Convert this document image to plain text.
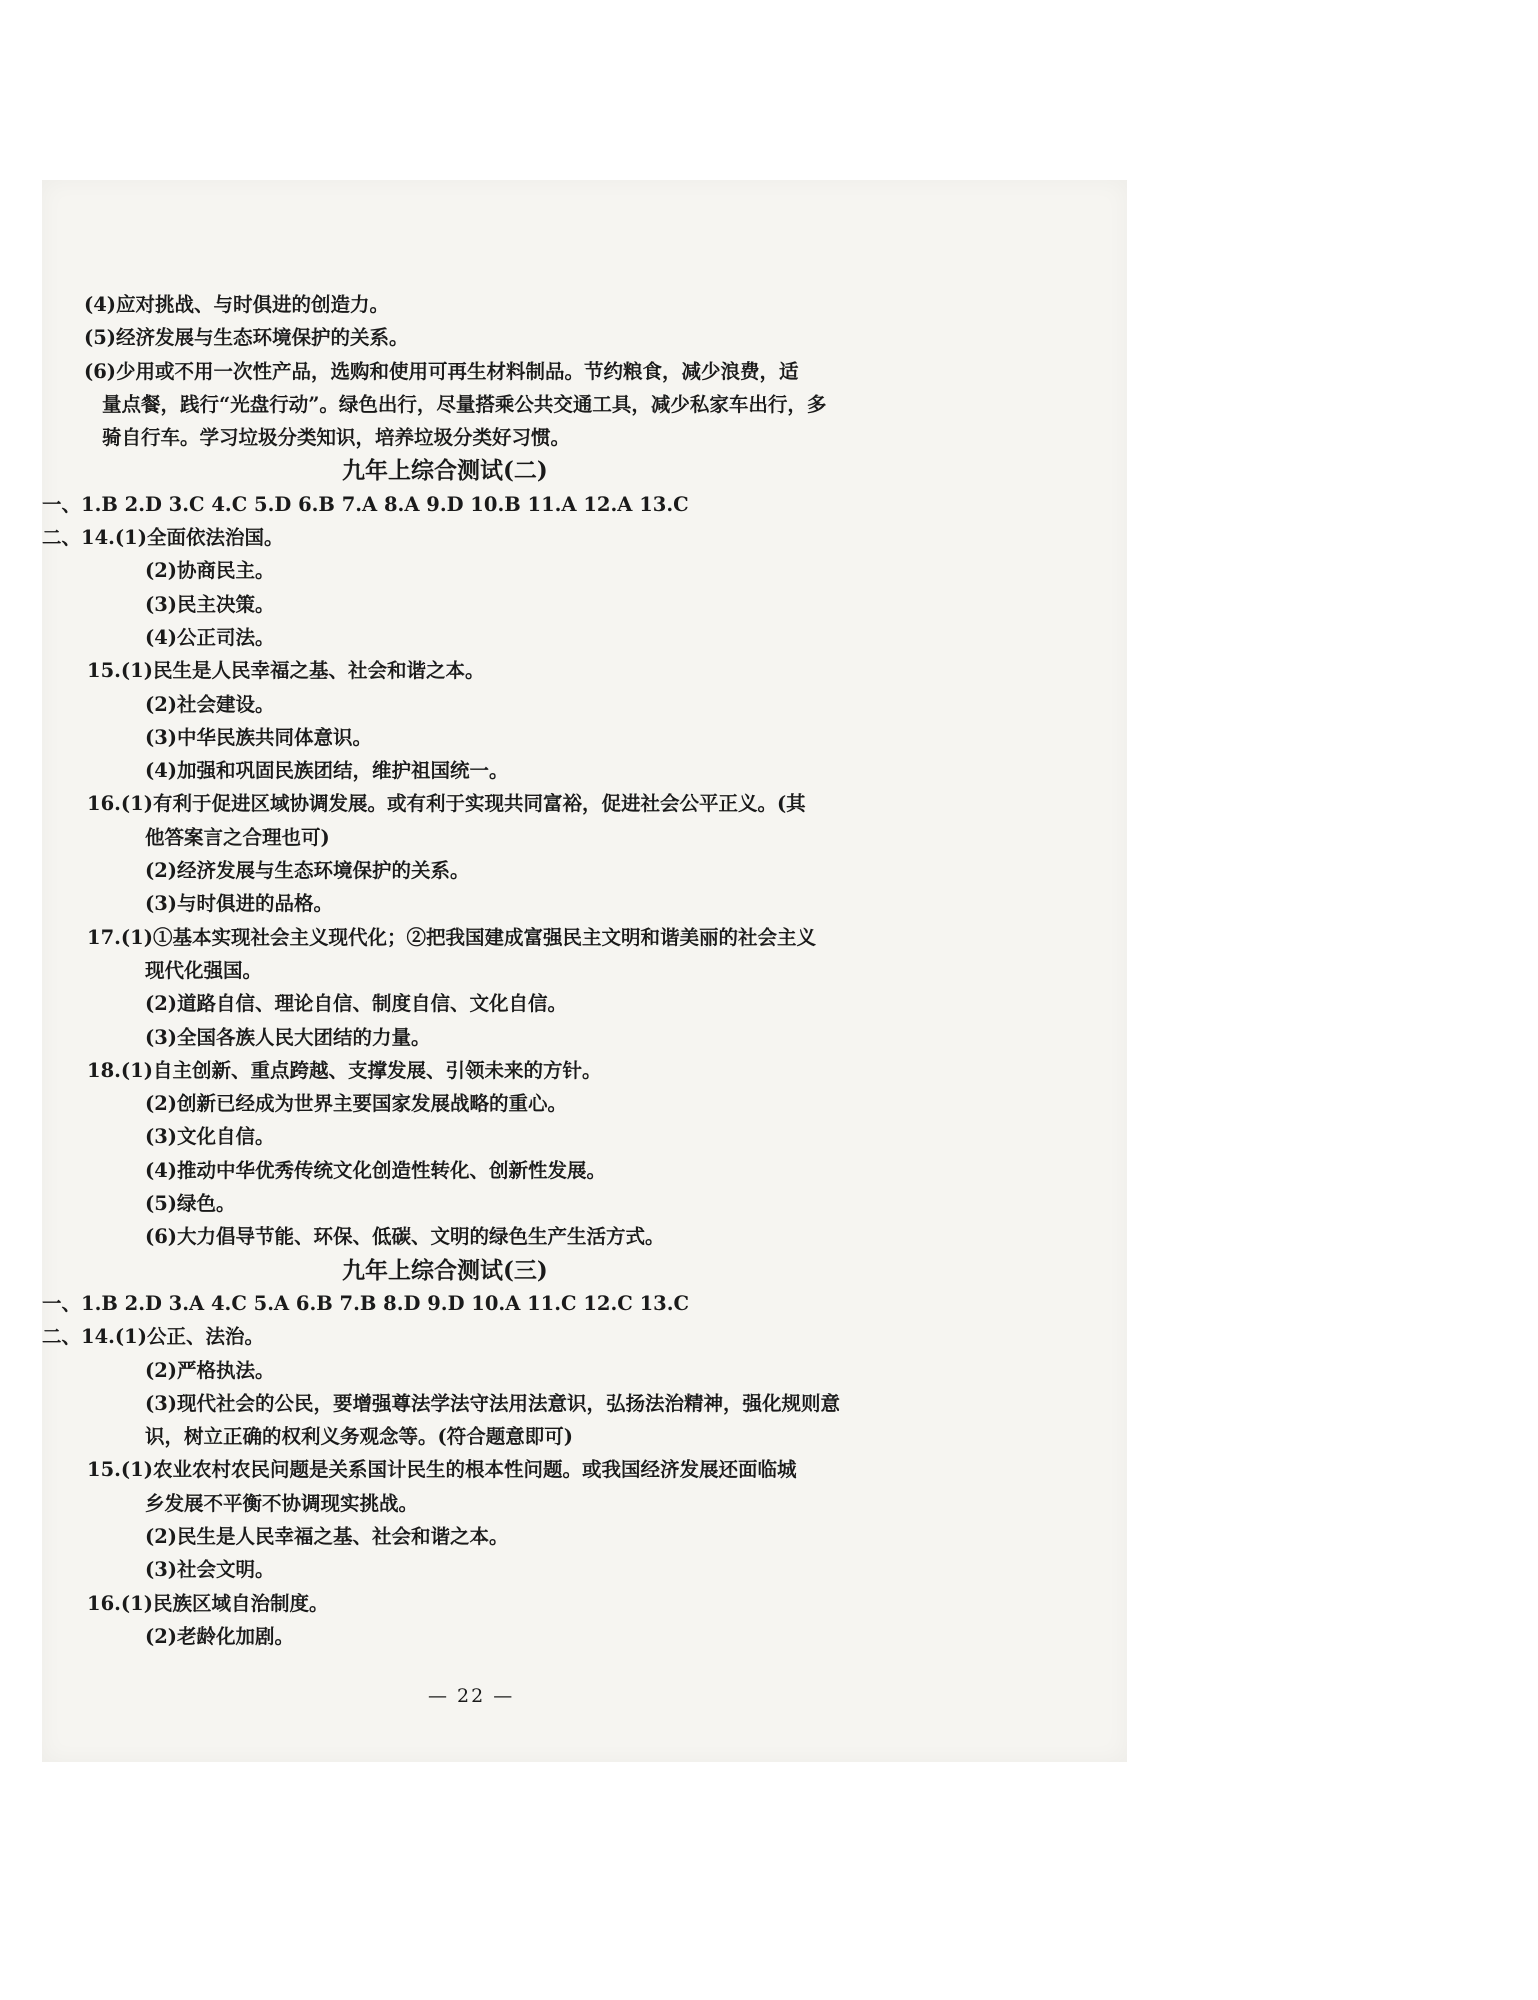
(4)应对挑战、与时俱进的创造力。
(5)经济发展与生态环境保护的关系。
(6)少用或不用一次性产品，选购和使用可再生材料制品。节约粮食，减少浪费，适
量点餐，践行“光盘行动”。绿色出行，尽量搭乘公共交通工具，减少私家车出行，多
骑自行车。学习垃圾分类知识，培养垃圾分类好习惯。
九年上综合测试(二)
一、1.B 2.D 3.C 4.C 5.D 6.B 7.A 8.A 9.D 10.B 11.A 12.A 13.C
二、14.(1)全面依法治国。
(2)协商民主。
(3)民主决策。
(4)公正司法。
15.(1)民生是人民幸福之基、社会和谐之本。
(2)社会建设。
(3)中华民族共同体意识。
(4)加强和巩固民族团结，维护祖国统一。
16.(1)有利于促进区域协调发展。或有利于实现共同富裕，促进社会公平正义。(其
他答案言之合理也可)
(2)经济发展与生态环境保护的关系。
(3)与时俱进的品格。
17.(1)①基本实现社会主义现代化；②把我国建成富强民主文明和谐美丽的社会主义
现代化强国。
(2)道路自信、理论自信、制度自信、文化自信。
(3)全国各族人民大团结的力量。
18.(1)自主创新、重点跨越、支撑发展、引领未来的方针。
(2)创新已经成为世界主要国家发展战略的重心。
(3)文化自信。
(4)推动中华优秀传统文化创造性转化、创新性发展。
(5)绿色。
(6)大力倡导节能、环保、低碳、文明的绿色生产生活方式。
九年上综合测试(三)
一、1.B 2.D 3.A 4.C 5.A 6.B 7.B 8.D 9.D 10.A 11.C 12.C 13.C
二、14.(1)公正、法治。
(2)严格执法。
(3)现代社会的公民，要增强尊法学法守法用法意识，弘扬法治精神，强化规则意
识，树立正确的权利义务观念等。(符合题意即可)
15.(1)农业农村农民问题是关系国计民生的根本性问题。或我国经济发展还面临城
乡发展不平衡不协调现实挑战。
(2)民生是人民幸福之基、社会和谐之本。
(3)社会文明。
16.(1)民族区域自治制度。
(2)老龄化加剧。
— 22 —
